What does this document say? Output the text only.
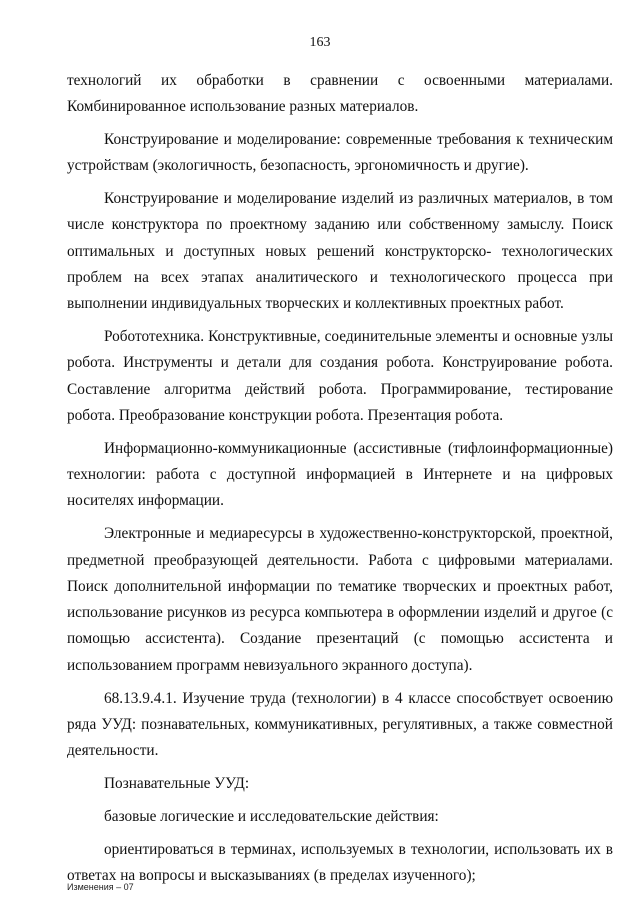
163

технологий их обработки в сравнении с освоенными материалами. Комбинированное использование разных материалов.

Конструирование и моделирование: современные требования к техническим устройствам (экологичность, безопасность, эргономичность и другие).

Конструирование и моделирование изделий из различных материалов, в том числе конструктора по проектному заданию или собственному замыслу. Поиск оптимальных и доступных новых решений конструкторско- технологических проблем на всех этапах аналитического и технологического процесса при выполнении индивидуальных творческих и коллективных проектных работ.

Робототехника. Конструктивные, соединительные элементы и основные узлы робота. Инструменты и детали для создания робота. Конструирование робота. Составление алгоритма действий робота. Программирование, тестирование робота. Преобразование конструкции робота. Презентация робота.

Информационно-коммуникационные (ассистивные (тифлоинформационные) технологии: работа с доступной информацией в Интернете и на цифровых носителях информации.

Электронные и медиаресурсы в художественно-конструкторской, проектной, предметной преобразующей деятельности. Работа с цифровыми материалами. Поиск дополнительной информации по тематике творческих и проектных работ, использование рисунков из ресурса компьютера в оформлении изделий и другое (с помощью ассистента). Создание презентаций (с помощью ассистента и использованием программ невизуального экранного доступа).

68.13.9.4.1. Изучение труда (технологии) в 4 классе способствует освоению ряда УУД: познавательных, коммуникативных, регулятивных, а также совместной деятельности.

Познавательные УУД:

базовые логические и исследовательские действия:

ориентироваться в терминах, используемых в технологии, использовать их в ответах на вопросы и высказываниях (в пределах изученного);

Изменения – 07
